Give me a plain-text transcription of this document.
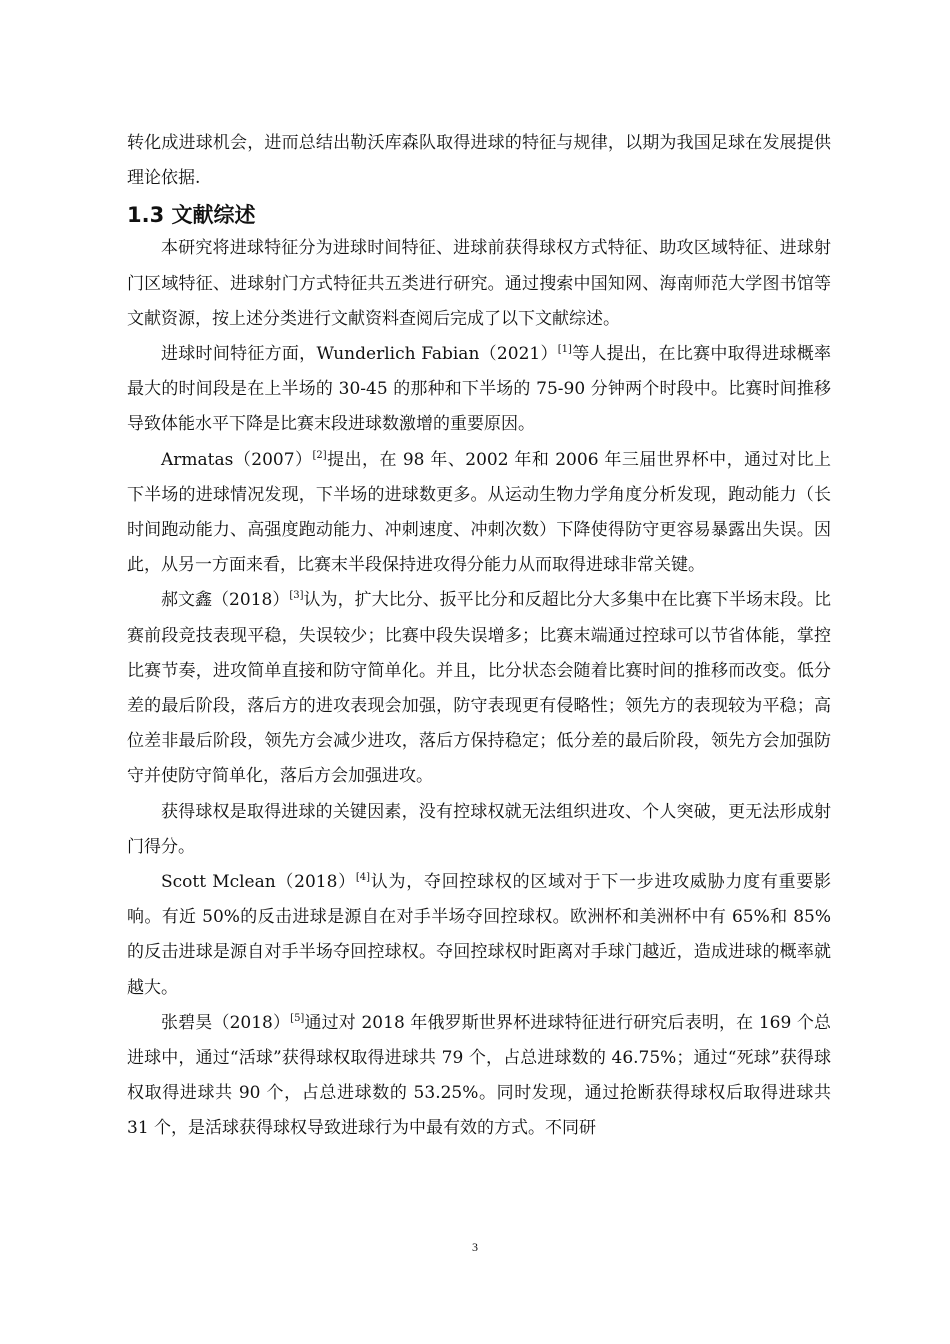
转化成进球机会，进而总结出勒沃库森队取得进球的特征与规律，以期为我国足球在发展提供理论依据.

1.3 文献综述

本研究将进球特征分为进球时间特征、进球前获得球权方式特征、助攻区域特征、进球射门区域特征、进球射门方式特征共五类进行研究。通过搜索中国知网、海南师范大学图书馆等文献资源，按上述分类进行文献资料查阅后完成了以下文献综述。

进球时间特征方面，Wunderlich Fabian（2021）[1]等人提出，在比赛中取得进球概率最大的时间段是在上半场的 30-45 的那种和下半场的 75-90 分钟两个时段中。比赛时间推移导致体能水平下降是比赛末段进球数激增的重要原因。

Armatas（2007）[2]提出，在 98 年、2002 年和 2006 年三届世界杯中，通过对比上下半场的进球情况发现，下半场的进球数更多。从运动生物力学角度分析发现，跑动能力（长时间跑动能力、高强度跑动能力、冲刺速度、冲刺次数）下降使得防守更容易暴露出失误。因此，从另一方面来看，比赛末半段保持进攻得分能力从而取得进球非常关键。

郝文鑫（2018）[3]认为，扩大比分、扳平比分和反超比分大多集中在比赛下半场末段。比赛前段竞技表现平稳，失误较少；比赛中段失误增多；比赛末端通过控球可以节省体能，掌控比赛节奏，进攻简单直接和防守简单化。并且，比分状态会随着比赛时间的推移而改变。低分差的最后阶段，落后方的进攻表现会加强，防守表现更有侵略性；领先方的表现较为平稳；高位差非最后阶段，领先方会减少进攻，落后方保持稳定；低分差的最后阶段，领先方会加强防守并使防守简单化，落后方会加强进攻。

获得球权是取得进球的关键因素，没有控球权就无法组织进攻、个人突破，更无法形成射门得分。

Scott Mclean（2018）[4]认为，夺回控球权的区域对于下一步进攻威胁力度有重要影响。有近 50%的反击进球是源自在对手半场夺回控球权。欧洲杯和美洲杯中有 65%和 85%的反击进球是源自对手半场夺回控球权。夺回控球权时距离对手球门越近，造成进球的概率就越大。

张碧昊（2018）[5]通过对 2018 年俄罗斯世界杯进球特征进行研究后表明，在 169 个总进球中，通过“活球”获得球权取得进球共 79 个，占总进球数的 46.75%；通过“死球”获得球权取得进球共 90 个，占总进球数的 53.25%。同时发现，通过抢断获得球权后取得进球共 31 个，是活球获得球权导致进球行为中最有效的方式。不同研

3
